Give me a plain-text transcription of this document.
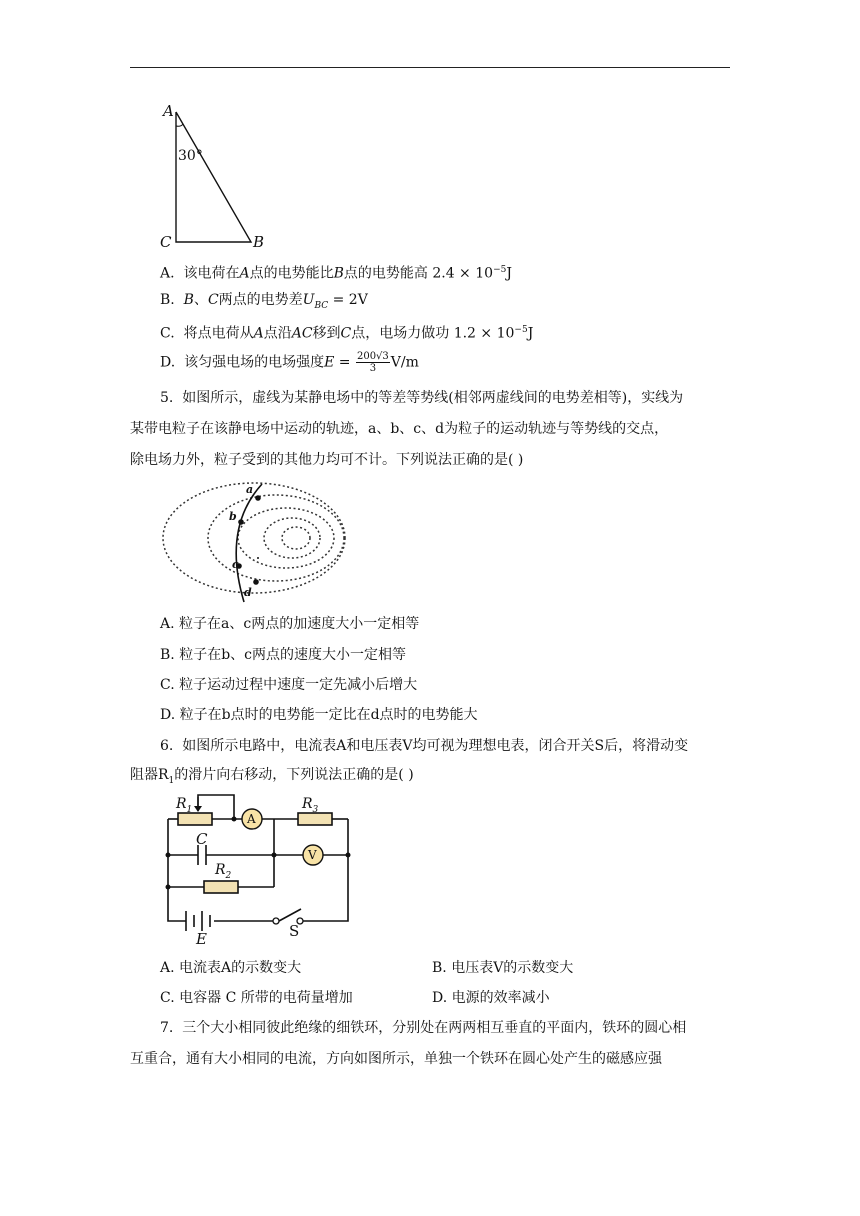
A
30°
C	B
A. 该电荷在A点的电势能比B点的电势能高 $2.4 \times 10^{-5}J$
B. B、C两点的电势差$U_{BC} = 2V$
C. 将点电荷从A点沿AC移到C点，电场力做功 $1.2 \times 10^{-5}J$
D. 该匀强电场的电场强度$E = \frac{200√3}{3} V/m$
5. 如图所示，虚线为某静电场中的等差等势线(相邻两虚线间的电势差相等)，实线为
某带电粒子在该静电场中运动的轨迹，a、b、c、d为粒子的运动轨迹与等势线的交点，
除电场力外，粒子受到的其他力均可不计。下列说法正确的是( )
a
b
c
d
A. 粒子在a、c两点的加速度大小一定相等
B. 粒子在b、c两点的速度大小一定相等
C. 粒子运动过程中速度一定先减小后增大
D. 粒子在b点时的电势能一定比在d点时的电势能大
6. 如图所示电路中，电流表A和电压表V均可视为理想电表，闭合开关S后，将滑动变
阻器$R_1$的滑片向右移动，下列说法正确的是( )
$R_1$	$R_3$
A
C
V
$R_2$
E	S
A. 电流表A的示数变大	B. 电压表V的示数变大
C. 电容器 C 所带的电荷量增加	D. 电源的效率减小
7. 三个大小相同彼此绝缘的细铁环，分别处在两两相互垂直的平面内，铁环的圆心相
互重合，通有大小相同的电流，方向如图所示，单独一个铁环在圆心处产生的磁感应强
